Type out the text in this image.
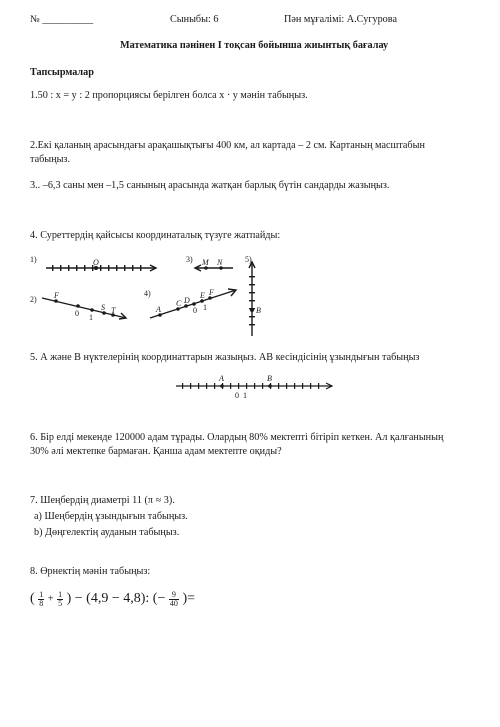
№ __________	Сыныбы: 6	Пән мұғалімі: А.Сугурова
Математика пәнінен I тоқсан бойынша жиынтық бағалау
Тапсырмалар
1.50 : x = y : 2 пропорциясы берілген болса x · y мәнін табыңыз.
2.Екі қаланың арасындағы арақашықтығы 400 км, ал картада – 2 см. Картаның масштабын
табыңыз.
3.. –6,3 саны мен –1,5 санының арасында жатқан барлық бүтін сандарды жазыңыз.
4. Суреттердің қайсысы координаталық түзуге жатпайды:
1)	O
2) F
0 1
S T
3) M N
4)
A
C D
E F
0 1
5)
B
5. А және В нүктелерінің координаттарын жазыңыз. АВ кесіндісінің ұзындығын табыңыз
A	B
0 1
6. Бір елді мекенде 120000 адам тұрады. Олардың 80% мектепті бітіріп кеткен. Ал қалғанының
30% әлі мектепке бармаған. Қанша адам мектепте оқиды?
7. Шеңбердің диаметрі 11 (π ≈ 3).
a) Шеңбердің ұзындығын табыңыз.
b) Дөңгелектің ауданын табыңыз.
8. Өрнектің мәнін табыңыз:
( $\frac{1}{8} + \frac{1}{5}$ ) − (4,9 − 4,8): (− $\frac{9}{40}$ )=
